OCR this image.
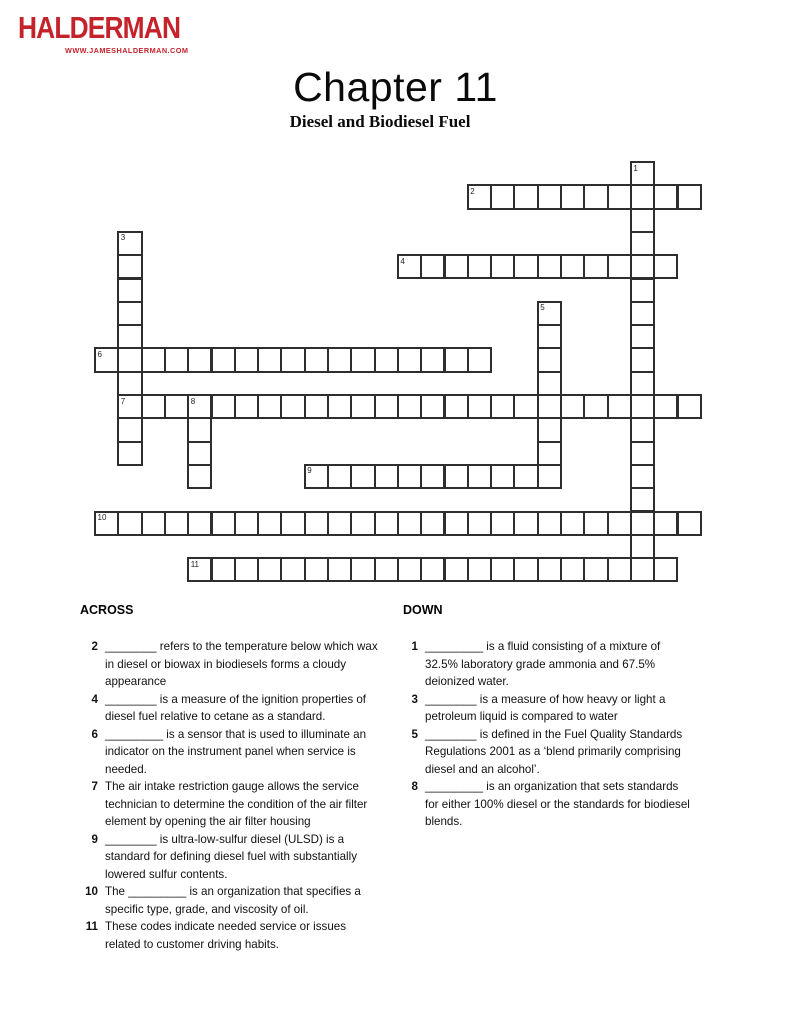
HALDERMAN
WWW.JAMESHALDERMAN.COM
Chapter 11
Diesel and Biodiesel Fuel
1
2
3
7
4
5
6
8
9
10
11
ACROSS
2 ________ refers to the temperature below which wax in diesel or biowax in biodiesels forms a cloudy appearance
4 ________ is a measure of the ignition properties of diesel fuel relative to cetane as a standard.
6 _________ is a sensor that is used to illuminate an indicator on the instrument panel when service is needed.
7 The air intake restriction gauge allows the service technician to determine the condition of the air filter element by opening the air filter housing
9 ________ is ultra-low-sulfur diesel (ULSD) is a standard for defining diesel fuel with substantially lowered sulfur contents.
10 The _________ is an organization that specifies a specific type, grade, and viscosity of oil.
11 These codes indicate needed service or issues related to customer driving habits.
DOWN
1 _________ is a fluid consisting of a mixture of 32.5% laboratory grade ammonia and 67.5% deionized water.
3 ________ is a measure of how heavy or light a petroleum liquid is compared to water
5 ________ is defined in the Fuel Quality Standards Regulations 2001 as a ‘blend primarily comprising diesel and an alcohol’.
8 _________ is an organization that sets standards for either 100% diesel or the standards for biodiesel blends.
